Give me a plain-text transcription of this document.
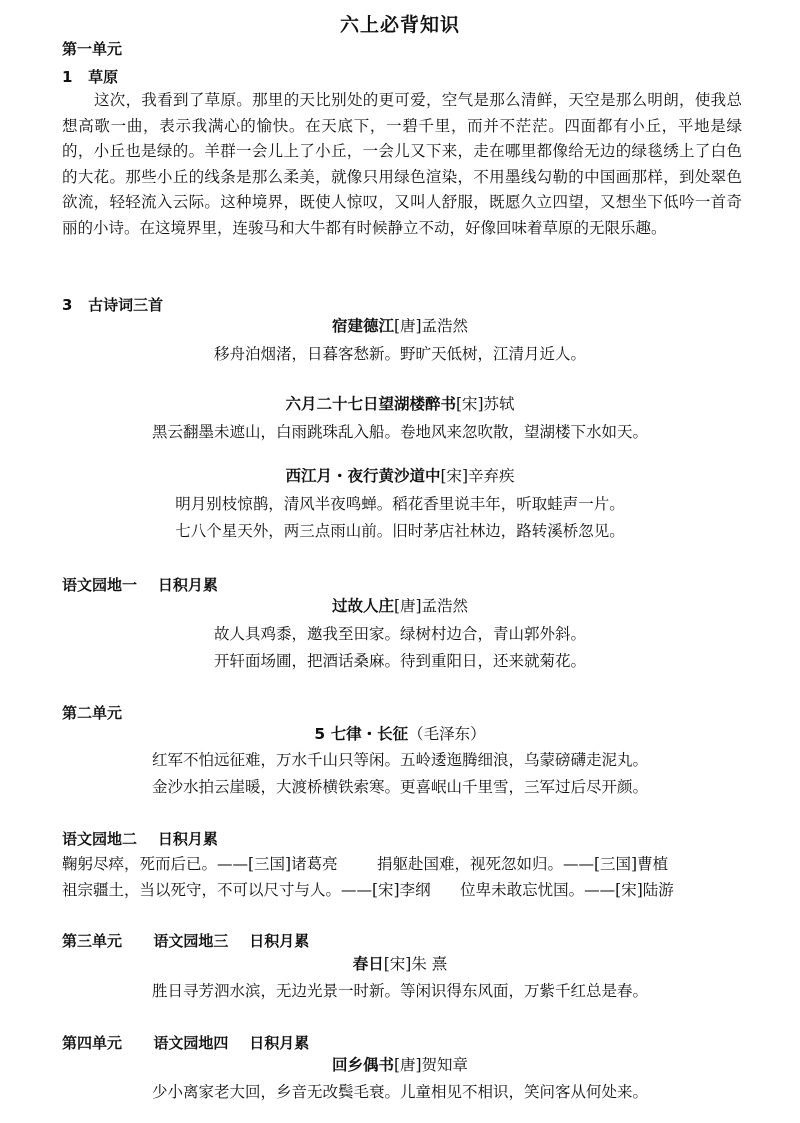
六上必背知识
第一单元
1   草原
这次，我看到了草原。那里的天比别处的更可爱，空气是那么清鲜，天空是那么明朗，使我总想高歌一曲，表示我满心的愉快。在天底下，一碧千里，而并不茫茫。四面都有小丘，平地是绿的，小丘也是绿的。羊群一会儿上了小丘，一会儿又下来，走在哪里都像给无边的绿毯绣上了白色的大花。那些小丘的线条是那么柔美，就像只用绿色渲染，不用墨线勾勒的中国画那样，到处翠色欲流，轻轻流入云际。这种境界，既使人惊叹，又叫人舒服，既愿久立四望，又想坐下低吟一首奇丽的小诗。在这境界里，连骏马和大牛都有时候静立不动，好像回味着草原的无限乐趣。
3   古诗词三首
宿建德江[唐]孟浩然
移舟泊烟渚，日暮客愁新。野旷天低树，江清月近人。
六月二十七日望湖楼醉书[宋]苏轼
黑云翻墨未遮山，白雨跳珠乱入船。卷地风来忽吹散，望湖楼下水如天。
西江月・夜行黄沙道中[宋]辛弃疾
明月别枝惊鹊，清风半夜鸣蝉。稻花香里说丰年，听取蛙声一片。
七八个星天外，两三点雨山前。旧时茅店社林边，路转溪桥忽见。
语文园地一    日积月累
过故人庄[唐]孟浩然
故人具鸡黍，邀我至田家。绿树村边合，青山郭外斜。
开轩面场圃，把酒话桑麻。待到重阳日，还来就菊花。
第二单元
5 七律・长征（毛泽东）
红军不怕远征难，万水千山只等闲。五岭逶迤腾细浪，乌蒙磅礴走泥丸。
金沙水拍云崖暖，大渡桥横铁索寒。更喜岷山千里雪，三军过后尽开颜。
语文园地二    日积月累
鞠躬尽瘁，死而后已。——[三国]诸葛亮        捐躯赴国难，视死忽如归。——[三国]曹植
祖宗疆土，当以死守，不可以尺寸与人。——[宋]李纲      位卑未敢忘忧国。——[宋]陆游
第三单元      语文园地三    日积月累
春日[宋]朱 熹
胜日寻芳泗水滨，无边光景一时新。等闲识得东风面，万紫千红总是春。
第四单元      语文园地四    日积月累
回乡偶书[唐]贺知章
少小离家老大回，乡音无改鬓毛衰。儿童相见不相识，笑问客从何处来。
